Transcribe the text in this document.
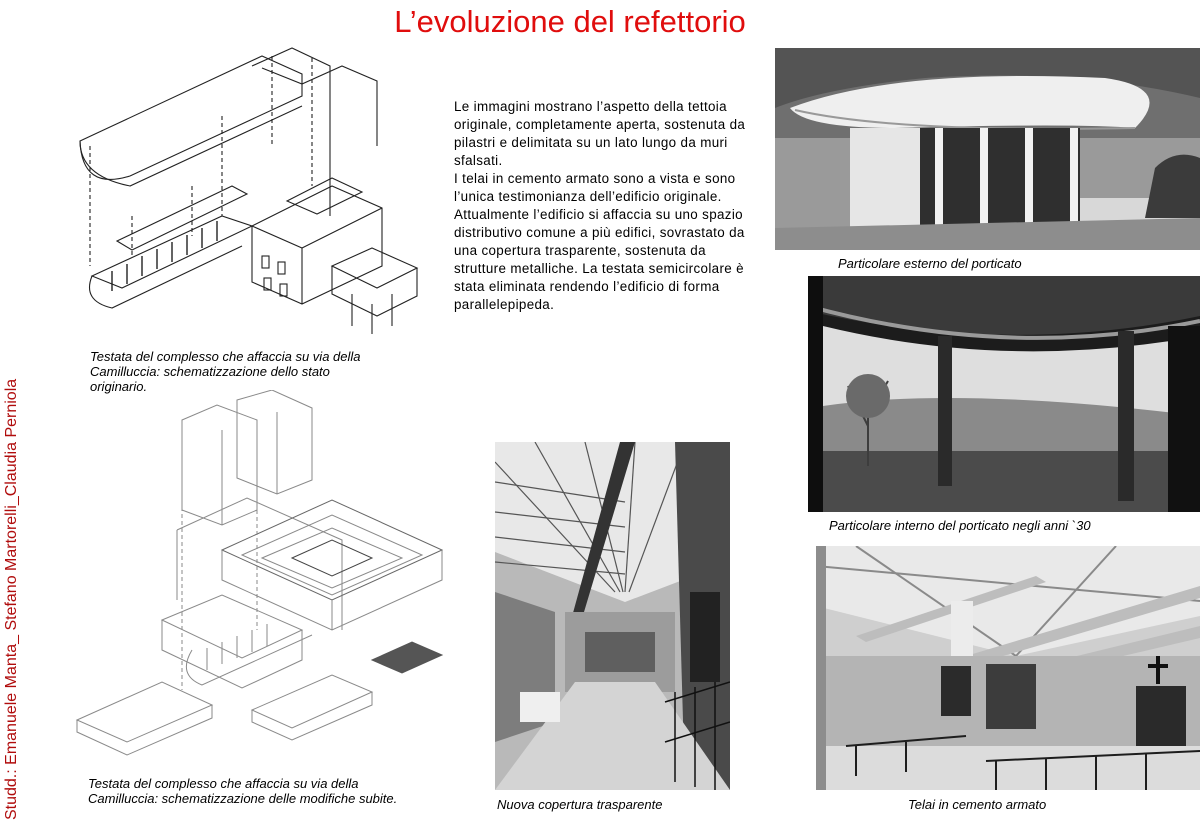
L’evoluzione del refettorio
Studd.: Emanuele Manta_ Stefano Martorelli_Claudia Perniola
Le immagini mostrano l’aspetto della tettoia originale, completamente aperta, sostenuta da pilastri e delimitata su un lato lungo da muri sfalsati.
I telai in cemento armato sono a vista e sono l’unica testimonianza dell’edificio originale. Attualmente l’edificio si affaccia su uno spazio distributivo comune a più edifici, sovrastato da una copertura trasparente, sostenuta da strutture metalliche. La testata semicircolare è stata eliminata rendendo l’edificio di forma parallelepipeda.
Testata del complesso che affaccia su via della Camilluccia: schematizzazione dello stato originario.
Testata del complesso che affaccia su via della Camilluccia: schematizzazione delle modifiche subite.	Nuova copertura trasparente
Particolare esterno del porticato
Particolare interno del porticato negli anni `30
Telai in cemento armato
